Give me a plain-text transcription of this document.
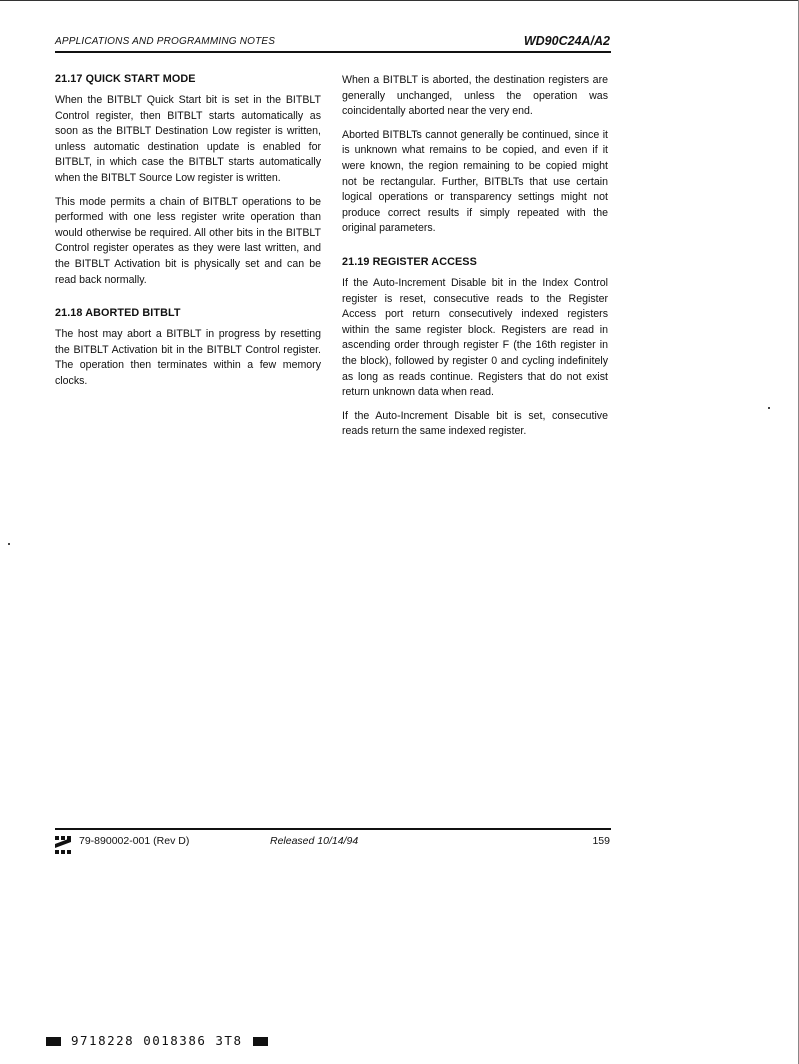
APPLICATIONS AND PROGRAMMING NOTES	WD90C24A/A2
21.17 QUICK START MODE

When the BITBLT Quick Start bit is set in the BITBLT Control register, then BITBLT starts automatically as soon as the BITBLT Destination Low register is written, unless automatic destination update is enabled for BITBLT, in which case the BITBLT starts automatically when the BITBLT Source Low register is written.

This mode permits a chain of BITBLT operations to be performed with one less register write operation than would otherwise be required. All other bits in the BITBLT Control register operates as they were last written, and the BITBLT Activation bit is physically set and can be read back normally.

21.18 ABORTED BITBLT

The host may abort a BITBLT in progress by resetting the BITBLT Activation bit in the BITBLT Control register. The operation then terminates within a few memory clocks.

When a BITBLT is aborted, the destination registers are generally unchanged, unless the operation was coincidentally aborted near the very end.

Aborted BITBLTs cannot generally be continued, since it is unknown what remains to be copied, and even if it were known, the region remaining to be copied might not be rectangular. Further, BITBLTs that use certain logical operations or transparency settings might not produce correct results if simply repeated with the original parameters.

21.19 REGISTER ACCESS

If the Auto-Increment Disable bit in the Index Control register is reset, consecutive reads to the Register Access port return consecutively indexed registers within the same register block. Registers are read in ascending order through register F (the 16th register in the block), followed by register 0 and cycling indefinitely as long as reads continue. Registers that do not exist return unknown data when read.

If the Auto-Increment Disable bit is set, consecutive reads return the same indexed register.

79-890002-001 (Rev D)	Released 10/14/94	159
9718228 0018386 3T8
